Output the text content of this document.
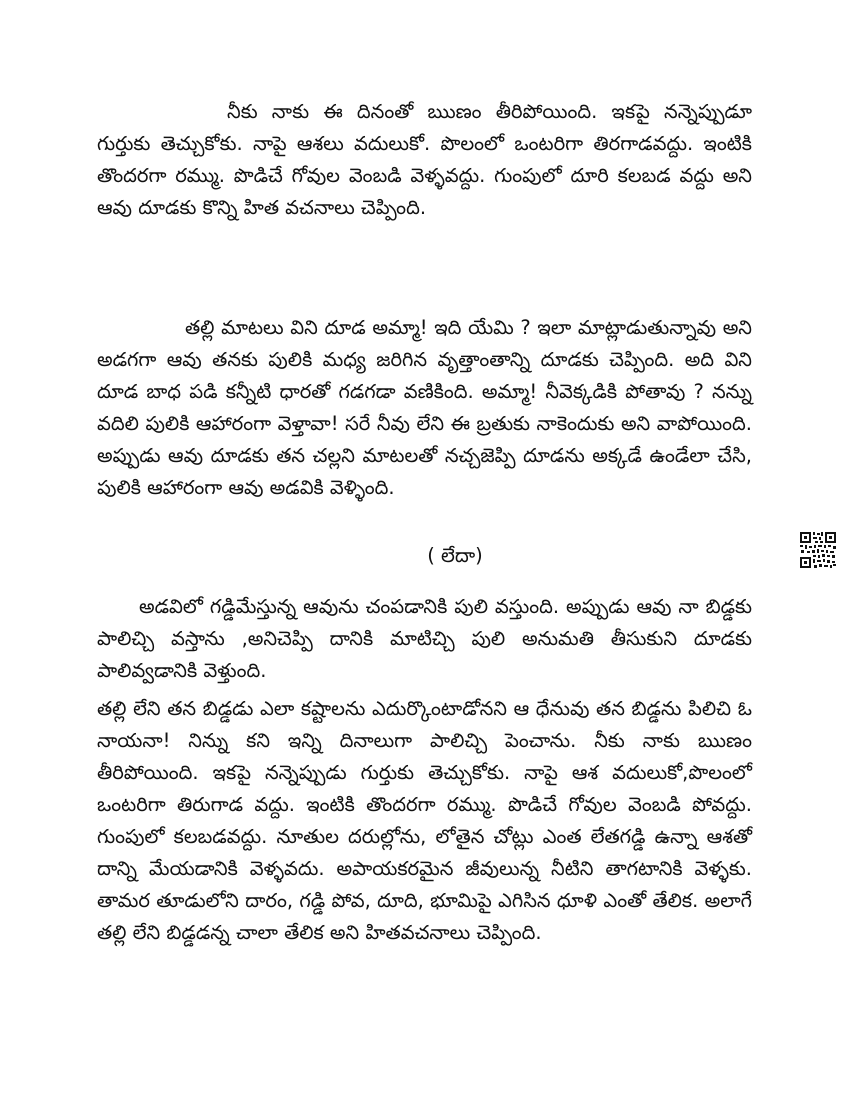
నీకు నాకు ఈ దినంతో ఋణం తీరిపోయింది. ఇకపై నన్నెప్పుడూ గుర్తుకు తెచ్చుకోకు. నాపై ఆశలు వదులుకో. పొలంలో ఒంటరిగా తిరగాడవద్దు. ఇంటికి తొందరగా రమ్ము. పొడిచే గోవుల వెంబడి వెళ్ళవద్దు. గుంపులో దూరి కలబడ వద్దు అని ఆవు దూడకు కొన్ని హిత వచనాలు చెప్పింది.

తల్లి మాటలు విని దూడ అమ్మా! ఇది యేమి ? ఇలా మాట్లాడుతున్నావు అని అడగగా ఆవు తనకు పులికి మధ్య జరిగిన వృత్తాంతాన్ని దూడకు చెప్పింది. అది విని దూడ బాధ పడి కన్నీటి ధారతో గడగడా వణికింది. అమ్మా! నీవెక్కడికి పోతావు ? నన్ను వదిలి పులికి ఆహారంగా వెళ్తావా! సరే నీవు లేని ఈ బ్రతుకు నాకెందుకు అని వాపోయింది. అప్పుడు ఆవు దూడకు తన చల్లని మాటలతో నచ్చజెప్పి దూడను అక్కడే ఉండేలా చేసి, పులికి ఆహారంగా ఆవు అడవికి వెళ్ళింది.

( లేదా)

అడవిలో గడ్డిమేస్తున్న ఆవును చంపడానికి పులి వస్తుంది. అప్పుడు ఆవు నా బిడ్డకు పాలిచ్చి వస్తాను ,అనిచెప్పి దానికి మాటిచ్చి పులి అనుమతి తీసుకుని దూడకు పాలివ్వడానికి వెళ్తుంది.

తల్లి లేని తన బిడ్డడు ఎలా కష్టాలను ఎదుర్కొంటాడోనని ఆ ధేనువు తన బిడ్డను పిలిచి ఓ నాయనా! నిన్ను కని ఇన్ని దినాలుగా పాలిచ్చి పెంచాను. నీకు నాకు ఋణం తీరిపోయింది. ఇకపై నన్నెప్పుడు గుర్తుకు తెచ్చుకోకు. నాపై ఆశ వదులుకో,పొలంలో ఒంటరిగా తిరుగాడ వద్దు. ఇంటికి తొందరగా రమ్ము. పొడిచే గోవుల వెంబడి పోవద్దు. గుంపులో కలబడవద్దు. నూతుల దరుల్లోను, లోతైన చోట్లు ఎంత లేతగడ్డి ఉన్నా ఆశతో దాన్ని మేయడానికి వెళ్ళవదు. అపాయకరమైన జీవులున్న నీటిని తాగటానికి వెళ్ళకు. తామర తూడులోని దారం, గడ్డి పోవ, దూది, భూమిపై ఎగిసిన ధూళి ఎంతో తేలిక. అలాగే తల్లి లేని బిడ్డడన్న చాలా తేలిక అని హితవచనాలు చెప్పింది.
